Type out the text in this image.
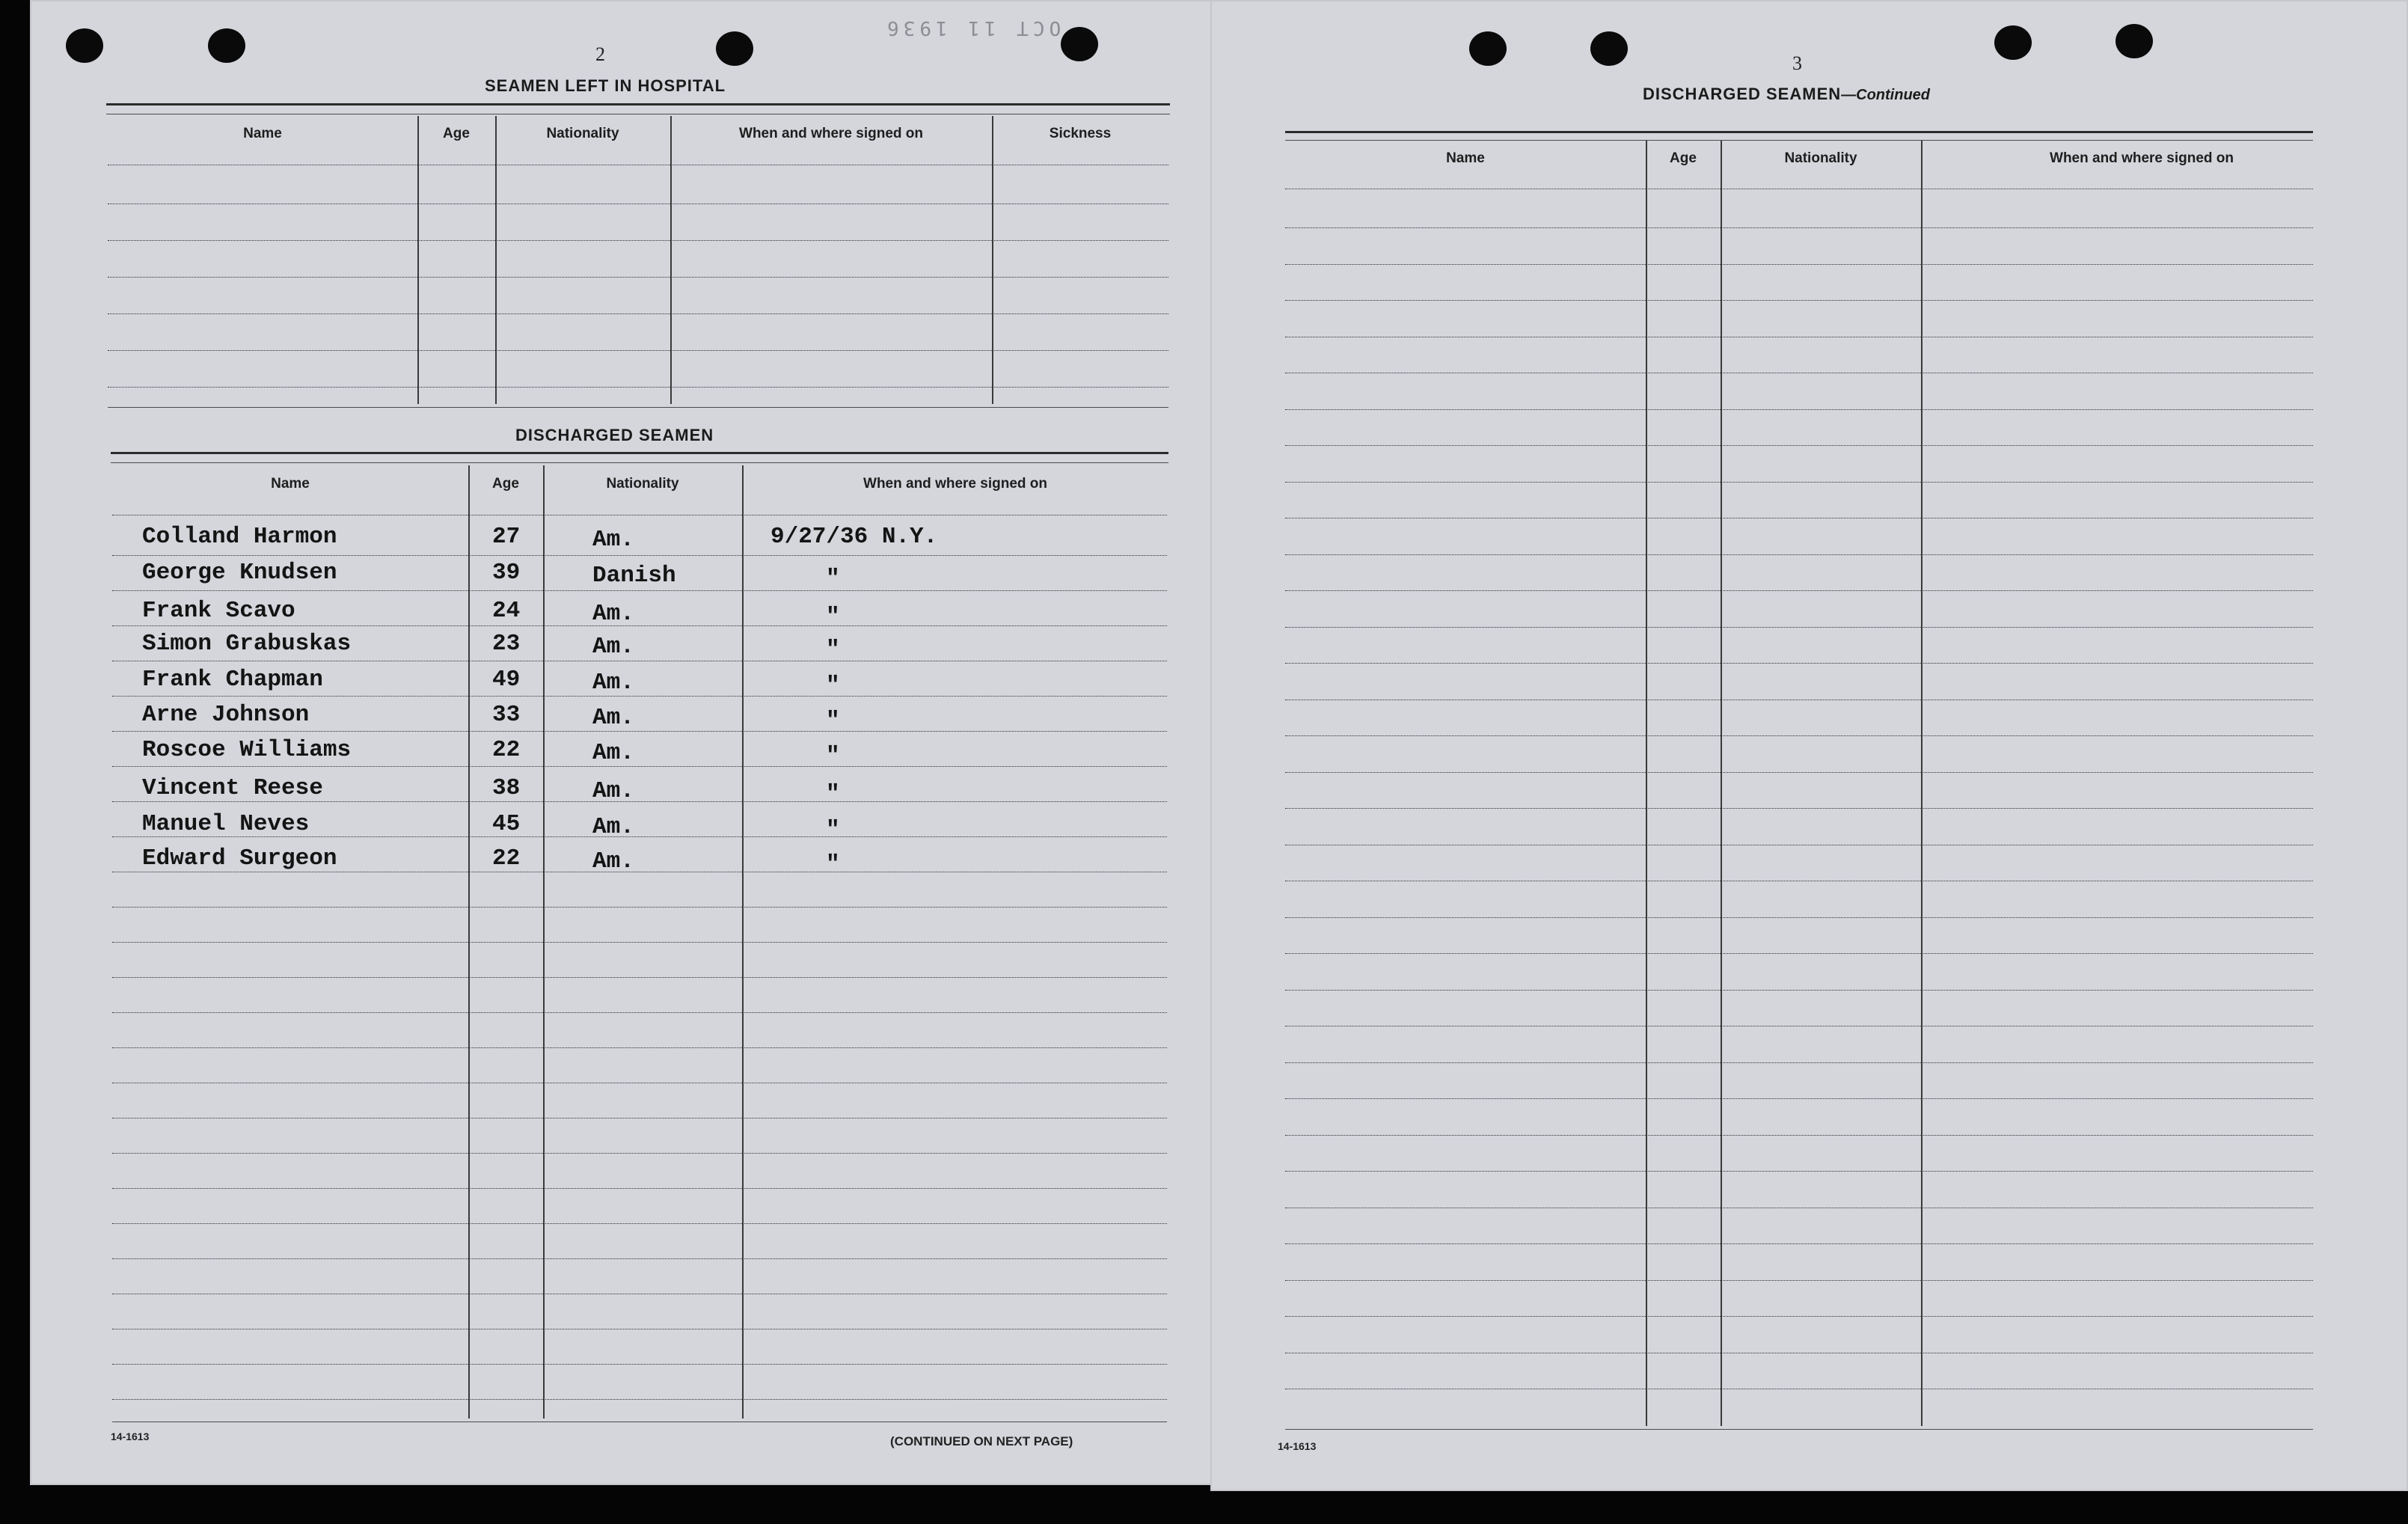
OCT 11 1936
2
SEAMEN LEFT IN HOSPITAL
DISCHARGED SEAMEN
14-1613	(CONTINUED ON NEXT PAGE)
Name	Age	Nationality	When and where signed on	Sickness
Name	Age	Nationality	When and where signed on
Colland Harmon	27	Am.	9/27/36 N.Y.
George Knudsen	39	Danish	"
Frank Scavo	24	Am.	"
Simon Grabuskas	23	Am.	"
Frank Chapman	49	Am.	"
Arne Johnson	33	Am.	"
Roscoe Williams	22	Am.	"
Vincent Reese	38	Am.	"
Manuel Neves	45	Am.	"
Edward Surgeon	22	Am.	"
3
DISCHARGED SEAMEN—Continued
14-1613
Name	Age	Nationality	When and where signed on
